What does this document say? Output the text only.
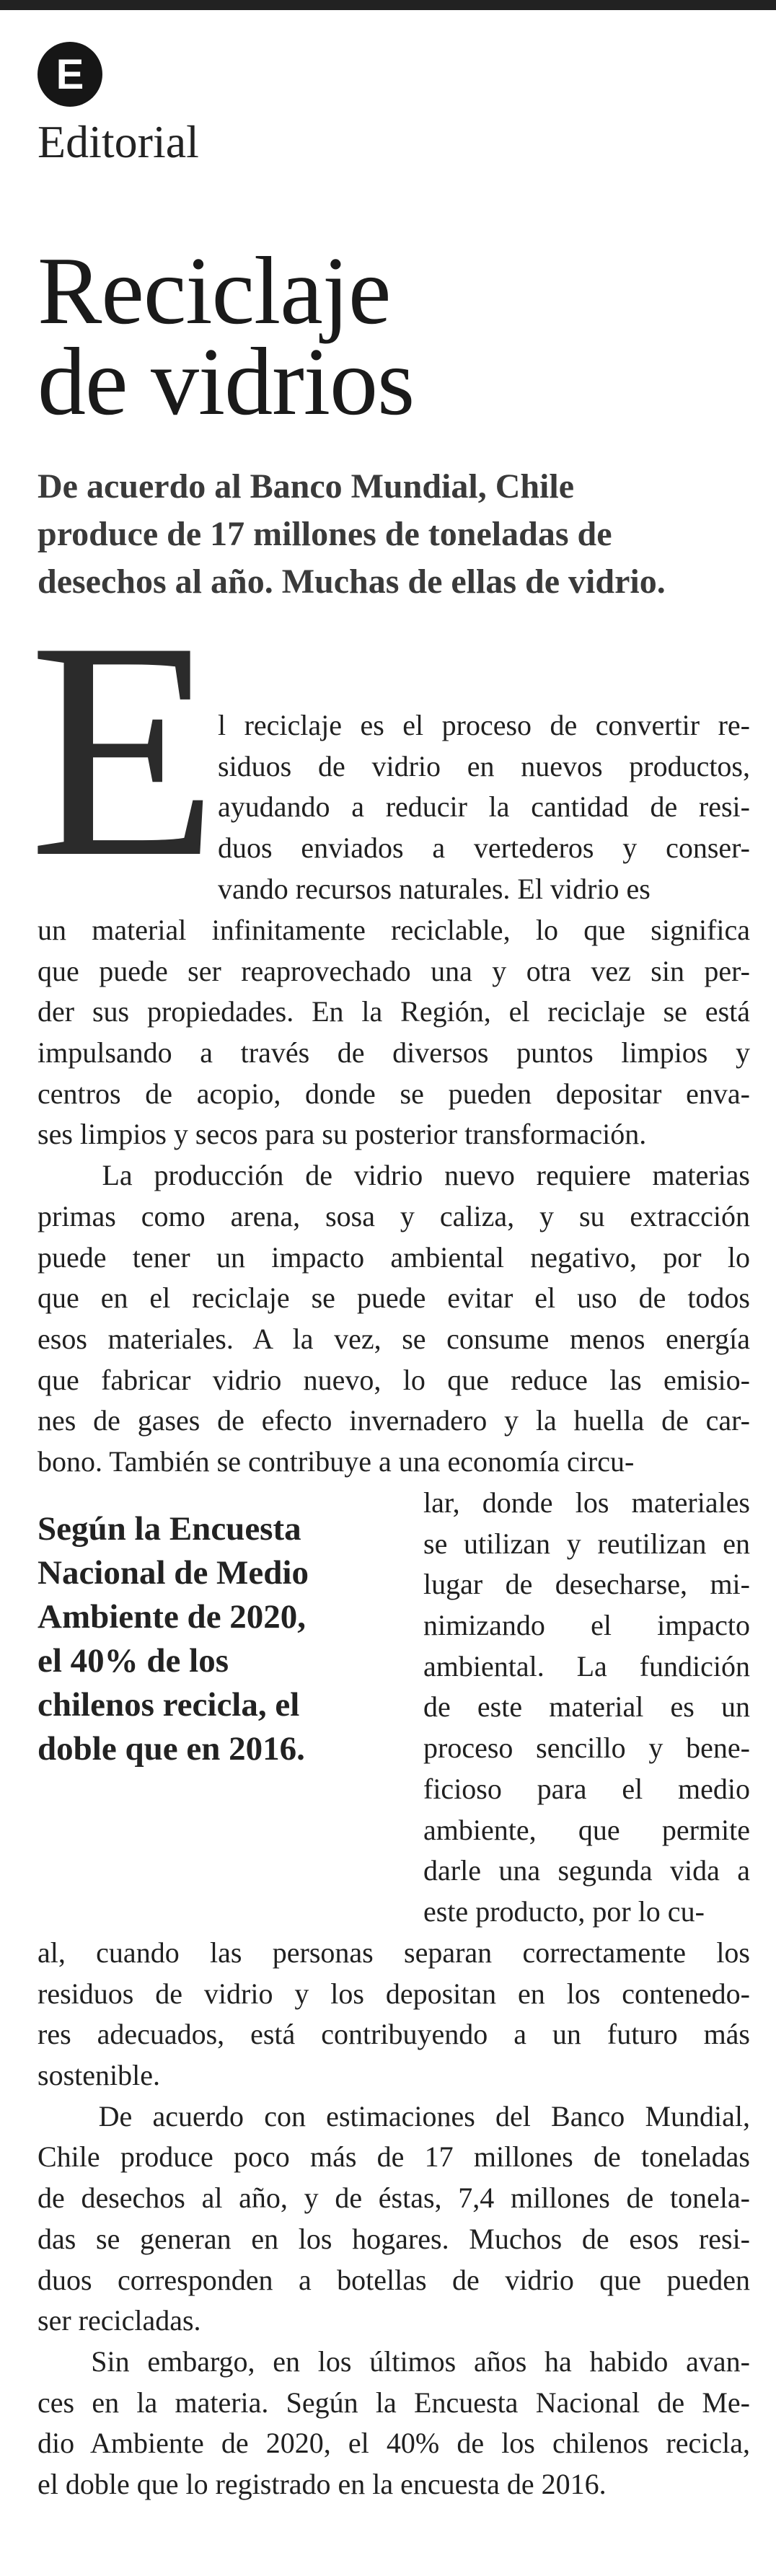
E
Editorial
Reciclaje
de vidrios
De acuerdo al Banco Mundial, Chile
produce de 17 millones de toneladas de
desechos al año. Muchas de ellas de vidrio.
E l reciclaje es el proceso de convertir re-
siduos de vidrio en nuevos productos,
ayudando a reducir la cantidad de resi-
duos enviados a vertederos y conser-
vando recursos naturales. El vidrio es
un material infinitamente reciclable, lo que significa
que puede ser reaprovechado una y otra vez sin per-
der sus propiedades. En la Región, el reciclaje se está
impulsando a través de diversos puntos limpios y
centros de acopio, donde se pueden depositar enva-
ses limpios y secos para su posterior transformación.
La producción de vidrio nuevo requiere materias
primas como arena, sosa y caliza, y su extracción
puede tener un impacto ambiental negativo, por lo
que en el reciclaje se puede evitar el uso de todos
esos materiales. A la vez, se consume menos energía
que fabricar vidrio nuevo, lo que reduce las emisio-
nes de gases de efecto invernadero y la huella de car-
bono. También se contribuye a una economía circu-
lar, donde los materiales
se utilizan y reutilizan en
lugar de desecharse, mi-
nimizando el impacto
ambiental. La fundición
de este material es un
proceso sencillo y bene-
ficioso para el medio
ambiente, que permite
darle una segunda vida a
este producto, por lo cu-
al, cuando las personas separan correctamente los
residuos de vidrio y los depositan en los contenedo-
res adecuados, está contribuyendo a un futuro más
sostenible.
De acuerdo con estimaciones del Banco Mundial,
Chile produce poco más de 17 millones de toneladas
de desechos al año, y de éstas, 7,4 millones de tonela-
das se generan en los hogares. Muchos de esos resi-
duos corresponden a botellas de vidrio que pueden
ser recicladas.
Sin embargo, en los últimos años ha habido avan-
ces en la materia. Según la Encuesta Nacional de Me-
dio Ambiente de 2020, el 40% de los chilenos recicla,
el doble que lo registrado en la encuesta de 2016.
Según la Encuesta
Nacional de Medio
Ambiente de 2020,
el 40% de los
chilenos recicla, el
doble que en 2016.
